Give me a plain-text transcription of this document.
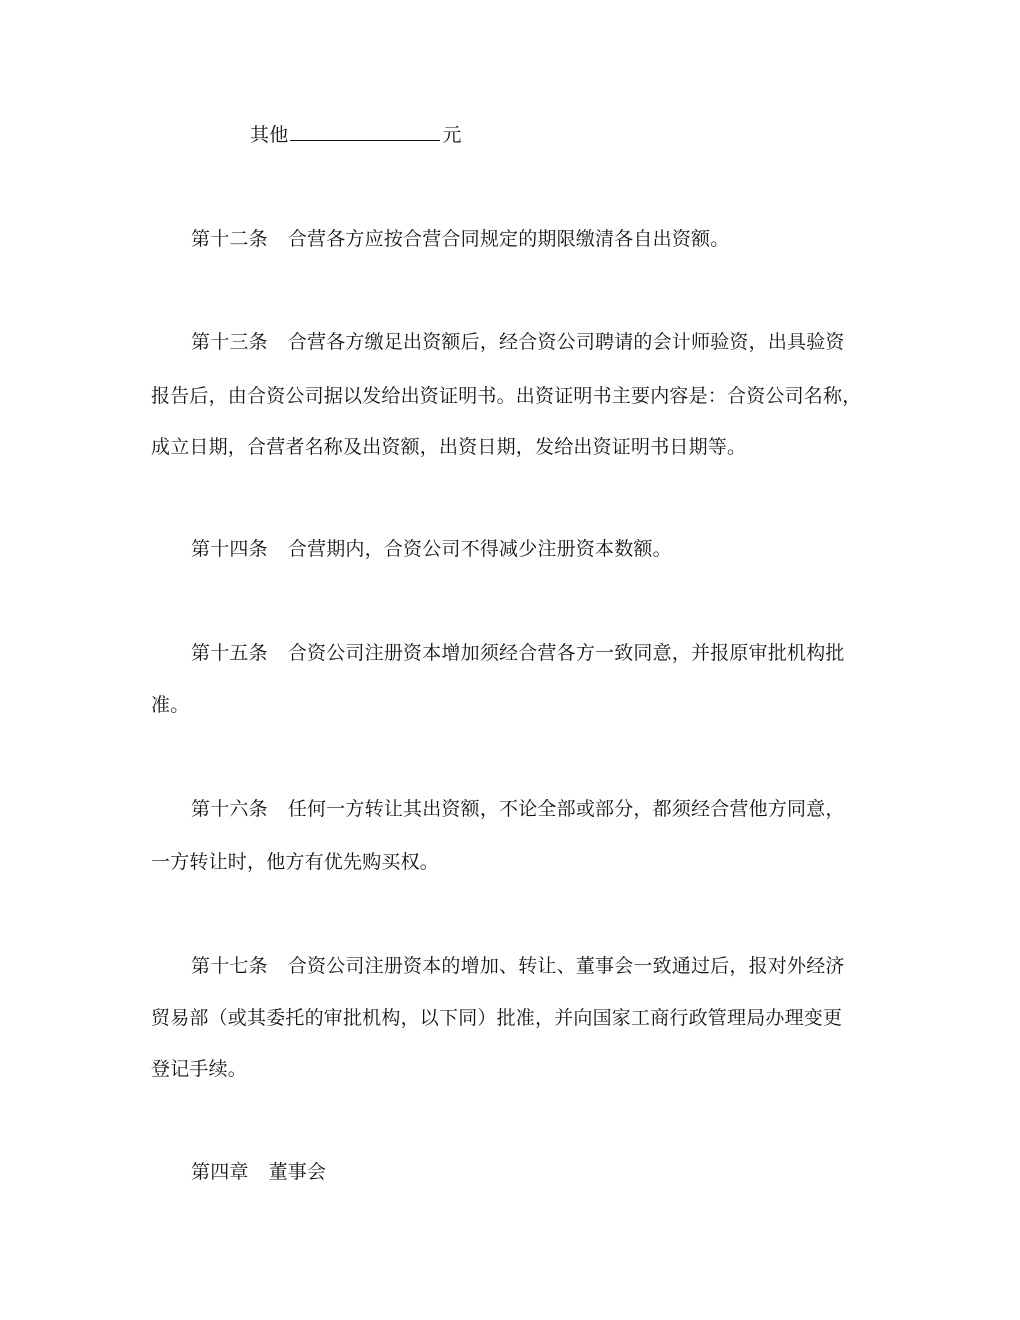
其他	元
第十二条 合营各方应按合营合同规定的期限缴清各自出资额。
第十三条 合营各方缴足出资额后，经合资公司聘请的会计师验资，出具验资
报告后，由合资公司据以发给出资证明书。出资证明书主要内容是：合资公司名称，
成立日期，合营者名称及出资额，出资日期，发给出资证明书日期等。
第十四条 合营期内，合资公司不得减少注册资本数额。
第十五条 合资公司注册资本增加须经合营各方一致同意，并报原审批机构批
准。
第十六条 任何一方转让其出资额，不论全部或部分，都须经合营他方同意，
一方转让时，他方有优先购买权。
第十七条 合资公司注册资本的增加、转让、董事会一致通过后，报对外经济
贸易部（或其委托的审批机构，以下同）批准，并向国家工商行政管理局办理变更
登记手续。
第四章 董事会
